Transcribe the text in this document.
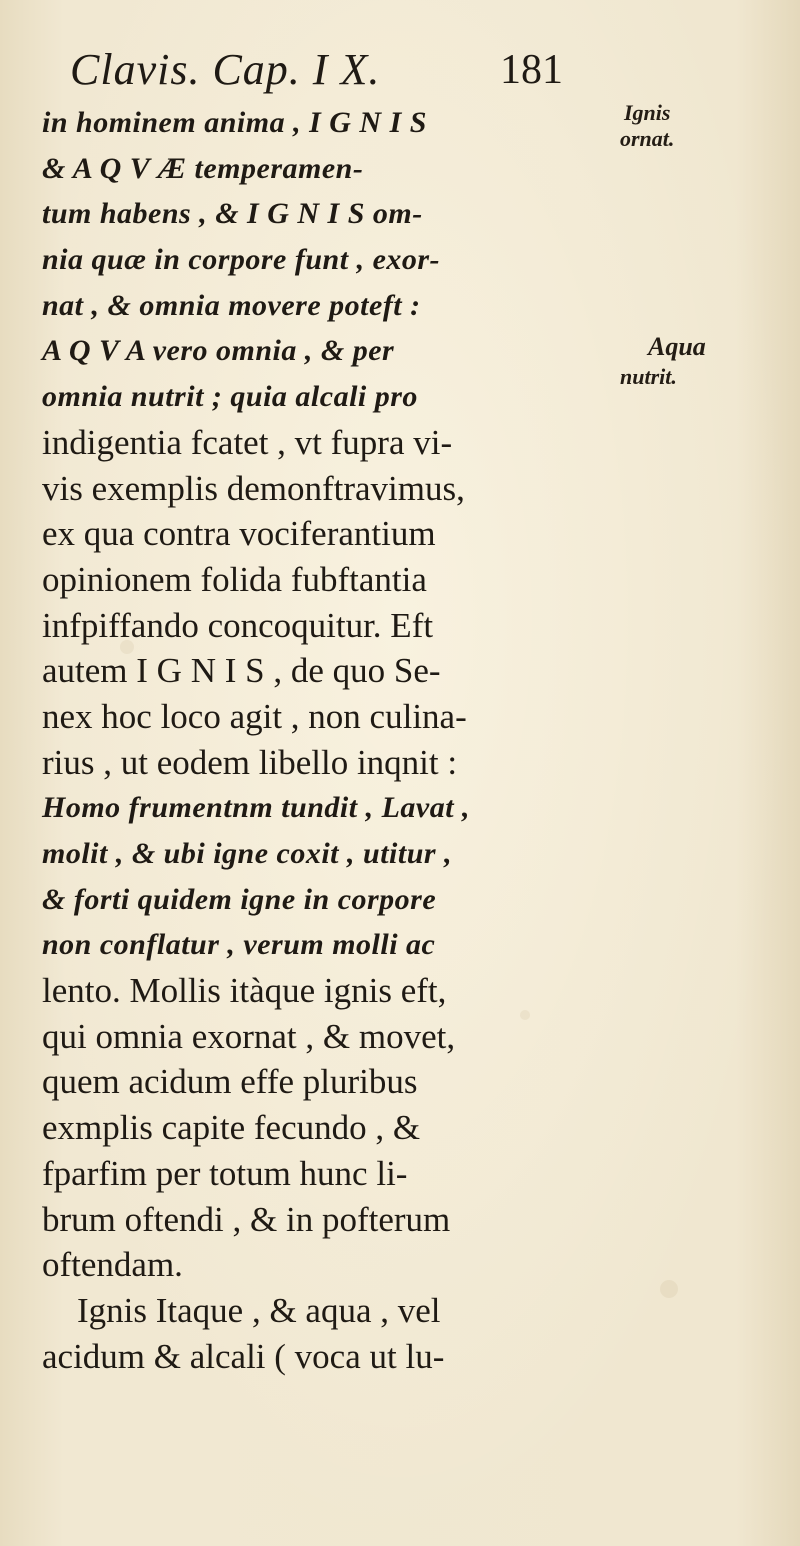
Clavis. Cap. I X.	181
in hominem anima , I G N I S
& A Q V Æ temperamen-
tum habens , & I G N I S om-
nia quæ in corpore funt , exor-
nat , & omnia movere poteft :
A Q V A vero omnia , & per
omnia nutrit ; quia alcali pro
indigentia fcatet , vt fupra vi-
vis exemplis demonftravimus,
ex qua contra vociferantium
opinionem folida fubftantia
infpiffando concoquitur. Eft
autem I G N I S , de quo Se-
nex hoc loco agit , non culina-
rius , ut eodem libello inqnit :
Homo frumentnm tundit , Lavat ,
molit , & ubi igne coxit , utitur ,
& forti quidem igne in corpore
non conflatur , verum molli ac
lento. Mollis itàque ignis eft,
qui omnia exornat , & movet,
quem acidum effe pluribus
exmplis capite fecundo , &
fparfim per totum hunc li-
brum oftendi , & in pofterum
oftendam.
Ignis Itaque , & aqua , vel
acidum & alcali ( voca ut lu-
Ignis
ornat.
Aqua
nutrit.
